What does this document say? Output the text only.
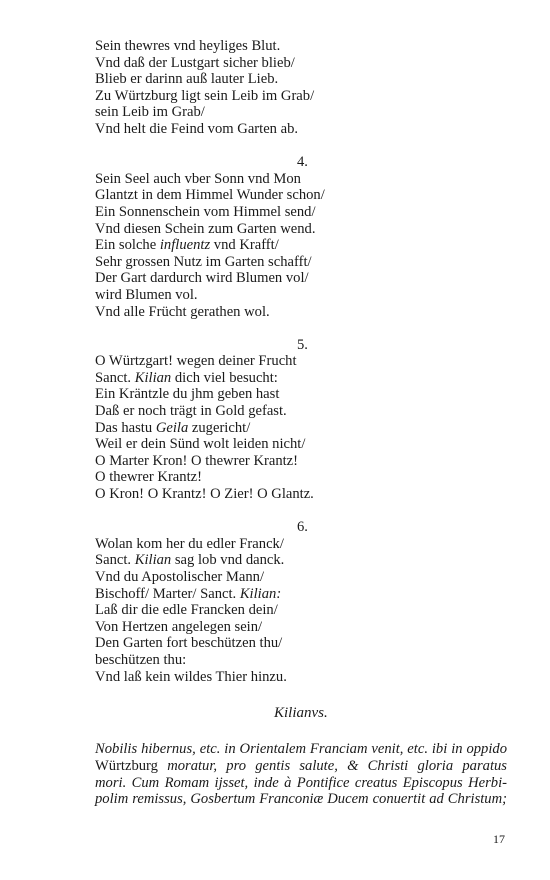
Sein thewres vnd heyliges Blut.
Vnd daß der Lustgart sicher blieb/
Blieb er darinn auß lauter Lieb.
Zu Würtzburg ligt sein Leib im Grab/
sein Leib im Grab/
Vnd helt die Feind vom Garten ab.
4.
Sein Seel auch vber Sonn vnd Mon
Glantzt in dem Himmel Wunder schon/
Ein Sonnenschein vom Himmel send/
Vnd diesen Schein zum Garten wend.
Ein solche influentz vnd Krafft/
Sehr grossen Nutz im Garten schafft/
Der Gart dardurch wird Blumen vol/
wird Blumen vol.
Vnd alle Frücht gerathen wol.
5.
O Würtzgart! wegen deiner Frucht
Sanct. Kilian dich viel besucht:
Ein Kräntzle du jhm geben hast
Daß er noch trägt in Gold gefast.
Das hastu Geila zugericht/
Weil er dein Sünd wolt leiden nicht/
O Marter Kron! O thewrer Krantz!
O thewrer Krantz!
O Kron! O Krantz! O Zier! O Glantz.
6.
Wolan kom her du edler Franck/
Sanct. Kilian sag lob vnd danck.
Vnd du Apostolischer Mann/
Bischoff/ Marter/ Sanct. Kilian:
Laß dir die edle Francken dein/
Von Hertzen angelegen sein/
Den Garten fort beschützen thu/
beschützen thu:
Vnd laß kein wildes Thier hinzu.
Kilianvs.
Nobilis hibernus, etc. in Orientalem Franciam venit, etc. ibi in oppido
Würtzburg moratur, pro gentis salute, & Christi gloria paratus
mori. Cum Romam ijsset, inde à Pontifice creatus Episcopus Herbi-
polim remissus, Gosbertum Franconiæ Ducem conuertit ad Christum;
17
